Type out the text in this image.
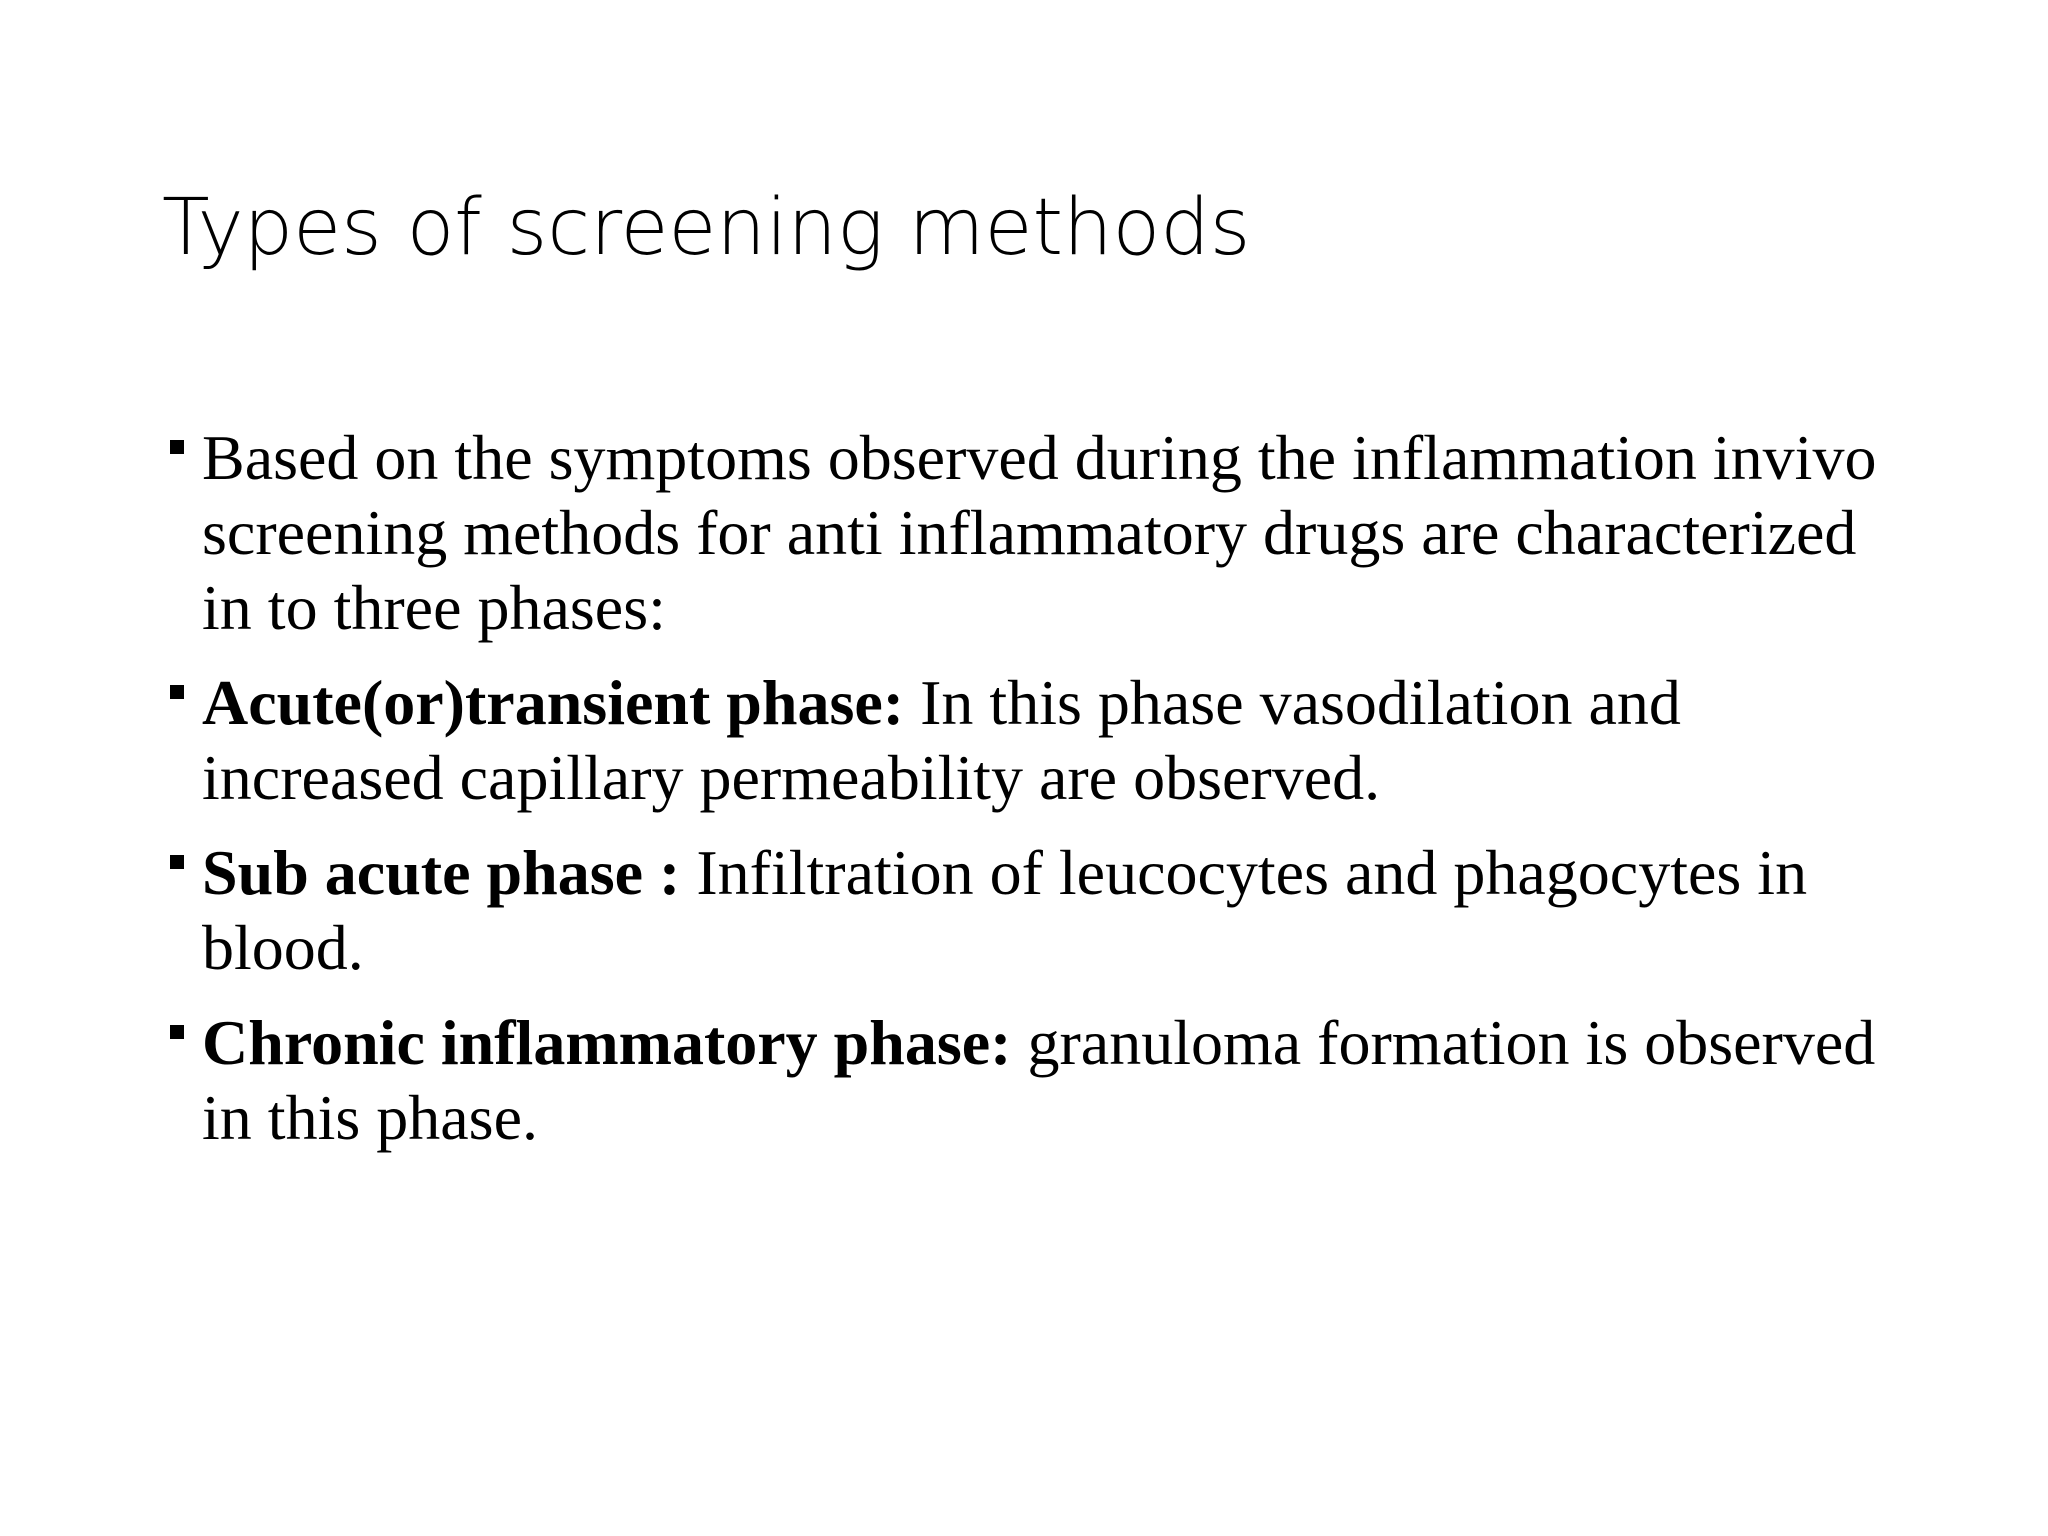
Types of screening methods
Based on the symptoms observed during the inflammation invivo screening methods for anti inflammatory drugs are characterized in to three phases:
Acute(or)transient phase: In this phase vasodilation and increased capillary permeability are observed.
Sub acute phase : Infiltration of leucocytes and phagocytes in blood.
Chronic inflammatory phase: granuloma formation is observed in this phase.
